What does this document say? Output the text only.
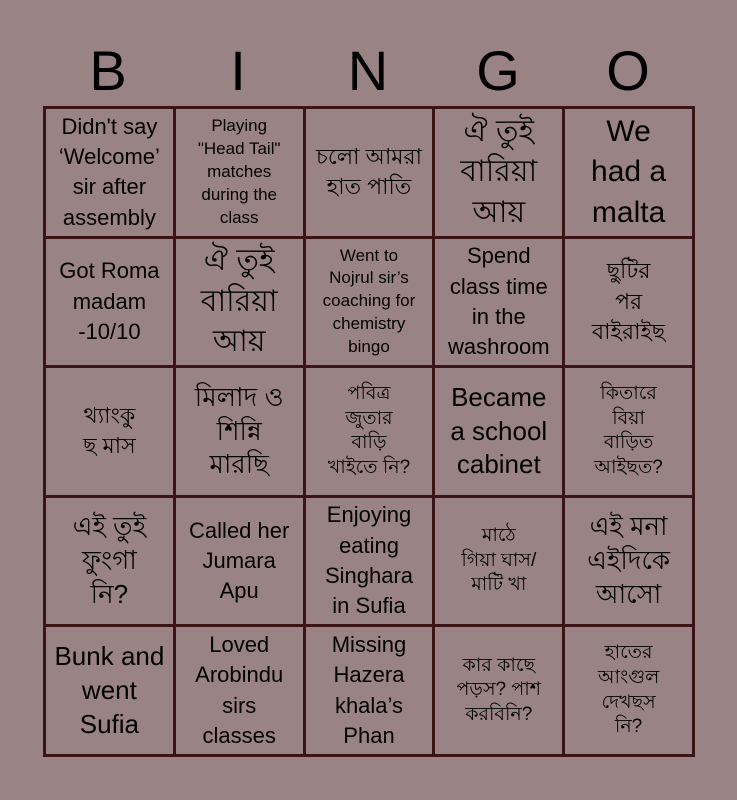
B	I	N	G	O
Didn't say
‘Welcome’
sir after
assembly
Playing
"Head Tail"
matches
during the
class
চলো আমরা
হাত পাতি
ঐ তুই
বারিয়া
আয়
We
had a
malta
Got Roma
madam
-10/10
ঐ তুই
বারিয়া
আয়
Went to
Nojrul sir’s
coaching for
chemistry
bingo
Spend
class time
in the
washroom
ছুটির
পর
বাইরাইছ
থ্যাংকু
ছ মাস
মিলাদ ও
শিন্নি
মারছি
পবিত্র
জুতার
বাড়ি
খাইতে নি?
Became
a school
cabinet
কিতারে
বিয়া
বাড়িত
আইছত?
এই তুই
ফুংগা
নি?
Called her
Jumara
Apu
Enjoying
eating
Singhara
in Sufia
মাঠে
গিয়া ঘাস/
মাটি খা
এই মনা
এইদিকে
আসো
Bunk and
went
Sufia
Loved
Arobindu
sirs
classes
Missing
Hazera
khala’s
Phan
কার কাছে
পড়স? পাশ
করবিনি?
হাতের
আংগুল
দেখছস
নি?
